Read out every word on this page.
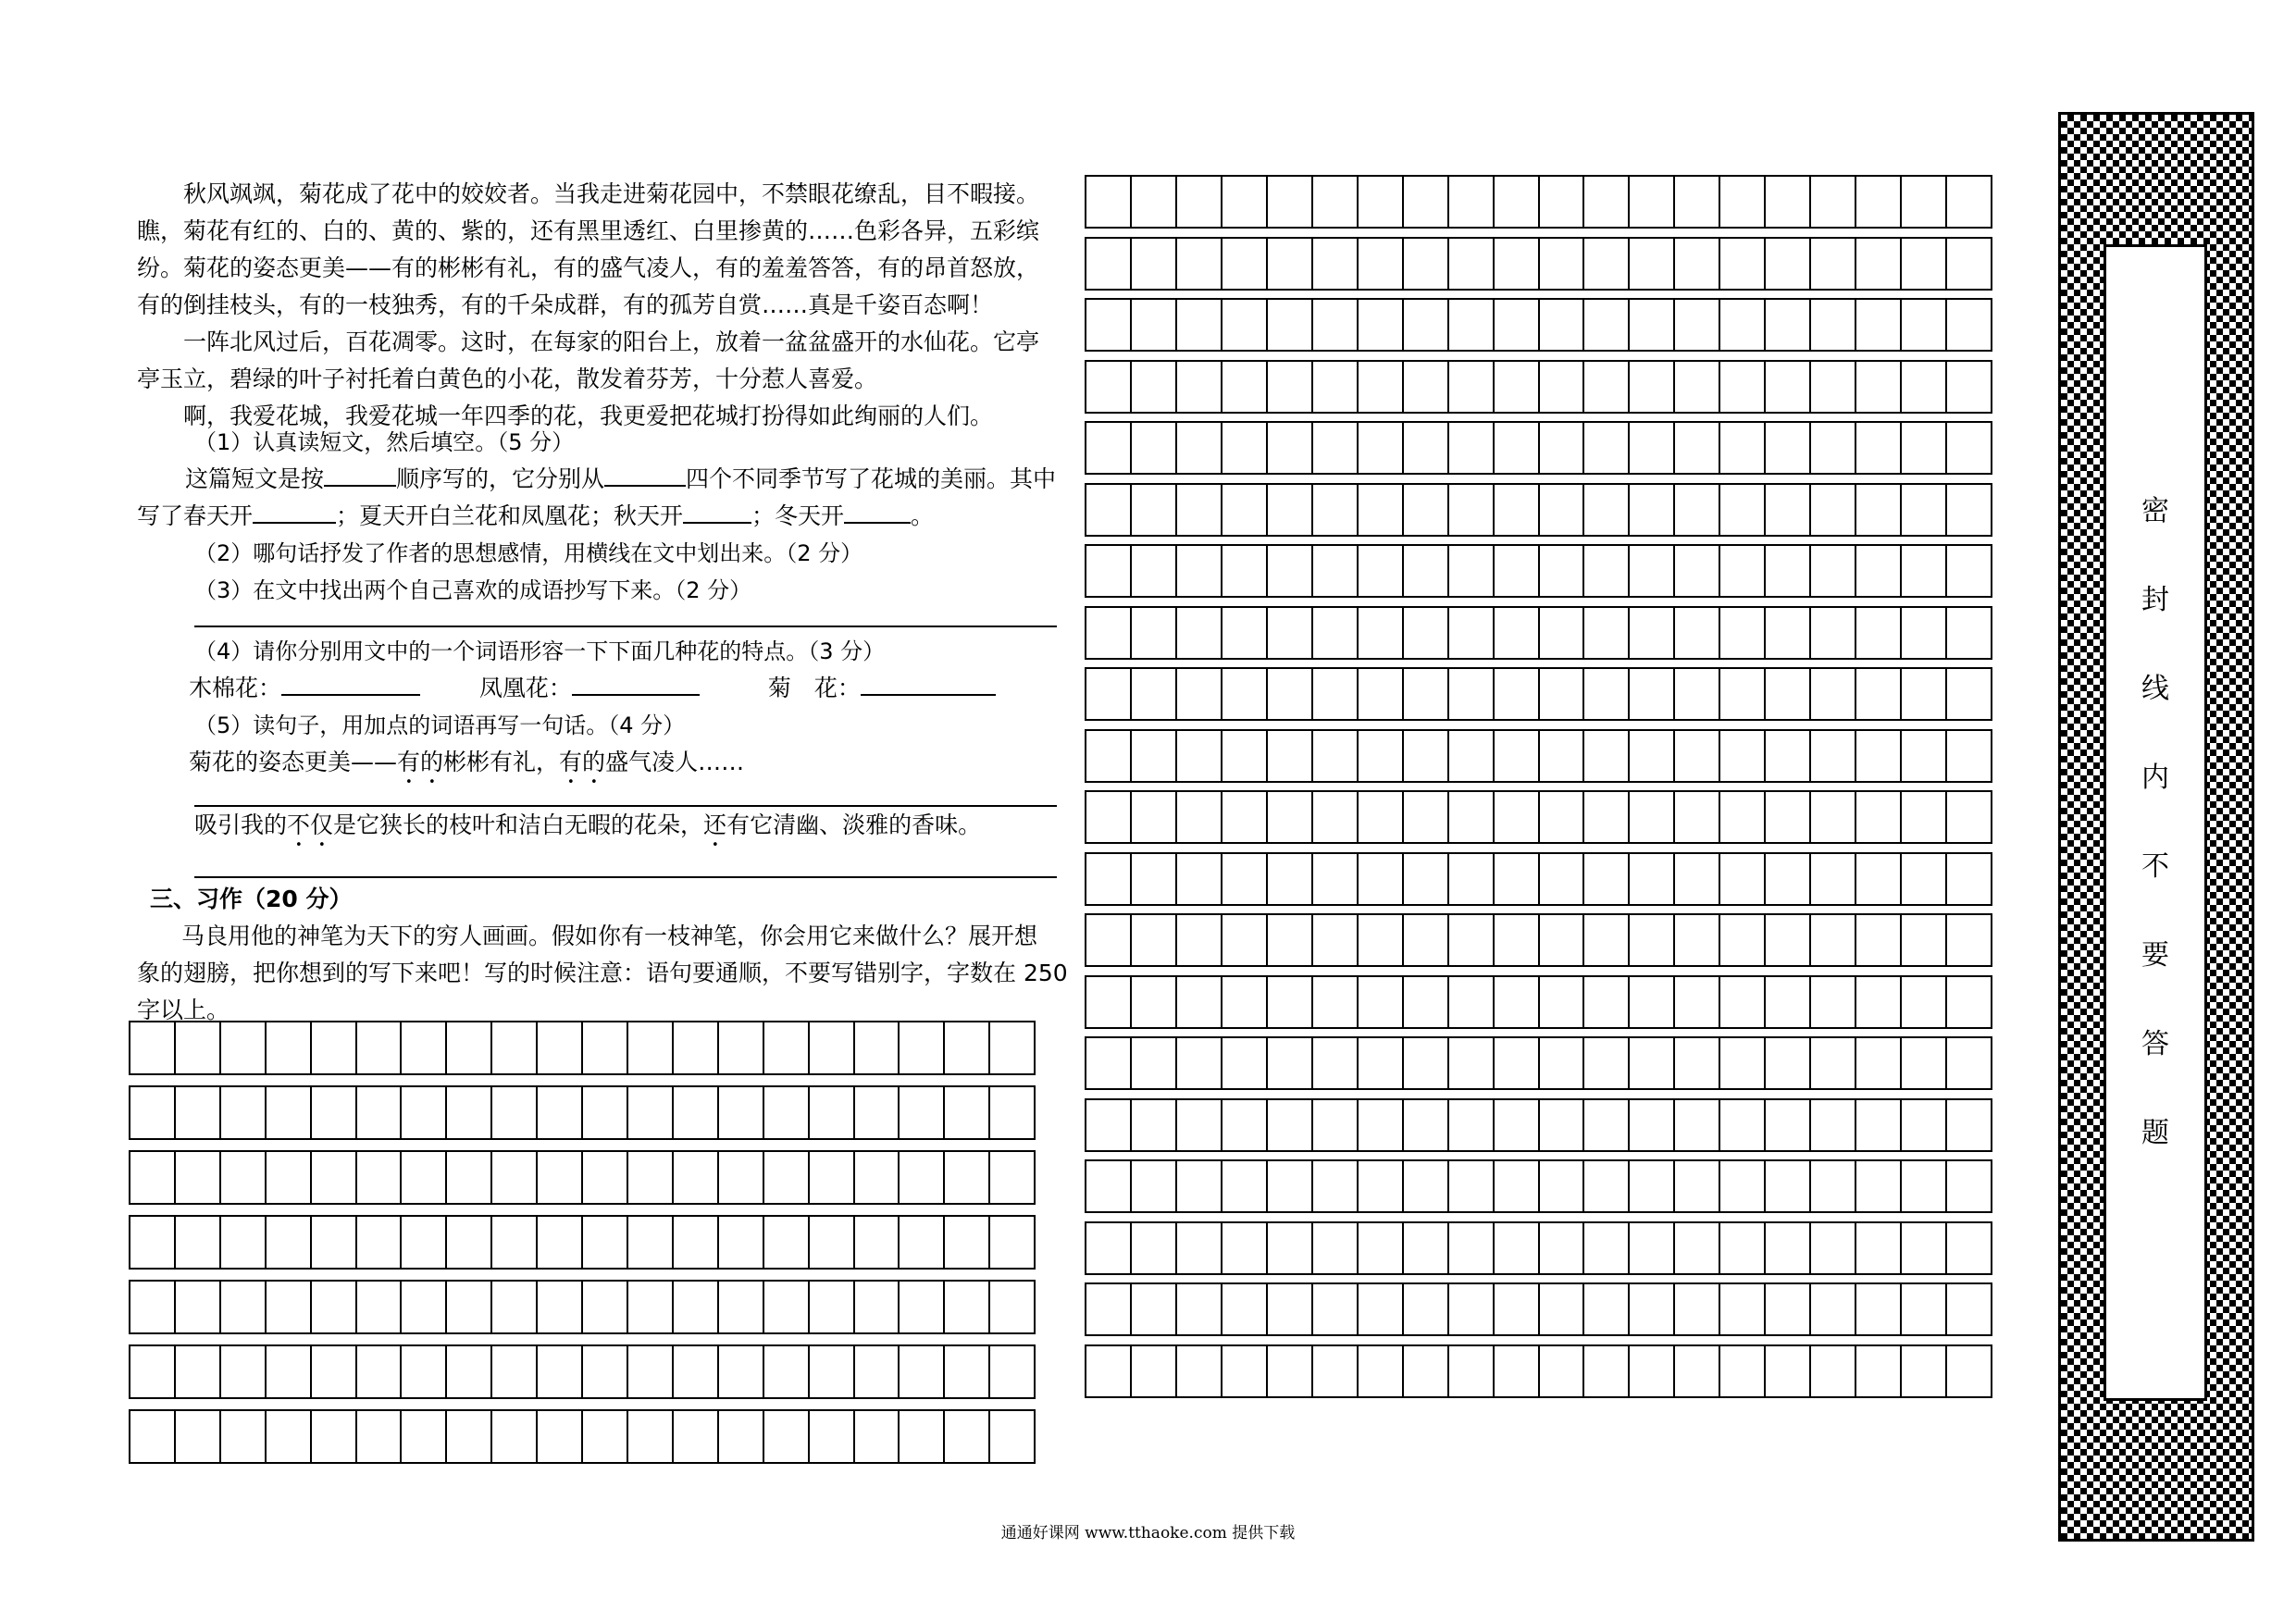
秋风飒飒，菊花成了花中的姣姣者。当我走进菊花园中，不禁眼花缭乱，目不暇接。

瞧，菊花有红的、白的、黄的、紫的，还有黑里透红、白里掺黄的……色彩各异，五彩缤

纷。菊花的姿态更美——有的彬彬有礼，有的盛气凌人，有的羞羞答答，有的昂首怒放，

有的倒挂枝头，有的一枝独秀，有的千朵成群，有的孤芳自赏……真是千姿百态啊！

一阵北风过后，百花凋零。这时，在每家的阳台上，放着一盆盆盛开的水仙花。它亭

亭玉立，碧绿的叶子衬托着白黄色的小花，散发着芬芳，十分惹人喜爱。

啊，我爱花城，我爱花城一年四季的花，我更爱把花城打扮得如此绚丽的人们。

（1）认真读短文，然后填空。（5 分）

这篇短文是按	顺序写的，它分别从	四个不同季节写了花城的美丽。其中

写了春天开	；夏天开白兰花和凤凰花；秋天开	；冬天开	。

（2）哪句话抒发了作者的思想感情，用横线在文中划出来。（2 分）

（3）在文中找出两个自己喜欢的成语抄写下来。（2 分）

（4）请你分别用文中的一个词语形容一下下面几种花的特点。（3 分）

木棉花：	凤凰花：	菊　花：

（5）读句子，用加点的词语再写一句话。（4 分）

菊花的姿态更美——有的彬彬有礼，有的盛气凌人……

吸引我的不仅是它狭长的枝叶和洁白无暇的花朵，还有它清幽、淡雅的香味。

三、习作（20 分）

马良用他的神笔为天下的穷人画画。假如你有一枝神笔，你会用它来做什么？展开想

象的翅膀，把你想到的写下来吧！写的时候注意：语句要通顺，不要写错别字，字数在 250

字以上。

密
封
线
内
不
要
答
题
通通好课网 www.tthaoke.com 提供下载
